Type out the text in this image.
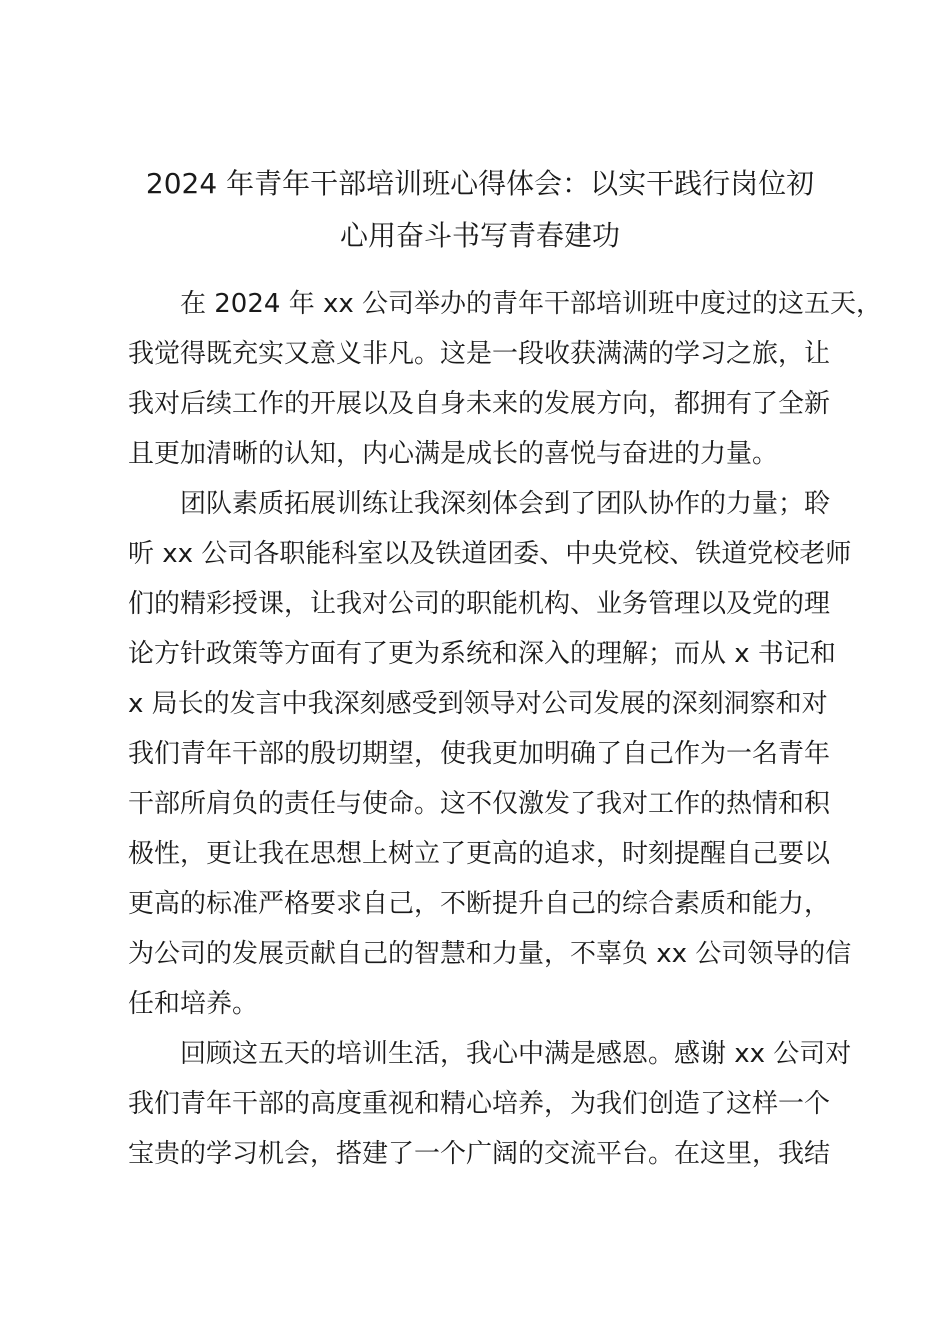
2024 年青年干部培训班心得体会：以实干践行岗位初
心用奋斗书写青春建功

在 2024 年 xx 公司举办的青年干部培训班中度过的这五天，

我觉得既充实又意义非凡。这是一段收获满满的学习之旅，让

我对后续工作的开展以及自身未来的发展方向，都拥有了全新

且更加清晰的认知，内心满是成长的喜悦与奋进的力量。

团队素质拓展训练让我深刻体会到了团队协作的力量；聆

听 xx 公司各职能科室以及铁道团委、中央党校、铁道党校老师

们的精彩授课，让我对公司的职能机构、业务管理以及党的理

论方针政策等方面有了更为系统和深入的理解；而从 x 书记和

x 局长的发言中我深刻感受到领导对公司发展的深刻洞察和对

我们青年干部的殷切期望，使我更加明确了自己作为一名青年

干部所肩负的责任与使命。这不仅激发了我对工作的热情和积

极性，更让我在思想上树立了更高的追求，时刻提醒自己要以

更高的标准严格要求自己，不断提升自己的综合素质和能力，

为公司的发展贡献自己的智慧和力量，不辜负 xx 公司领导的信

任和培养。

回顾这五天的培训生活，我心中满是感恩。感谢 xx 公司对

我们青年干部的高度重视和精心培养，为我们创造了这样一个

宝贵的学习机会，搭建了一个广阔的交流平台。在这里，我结
